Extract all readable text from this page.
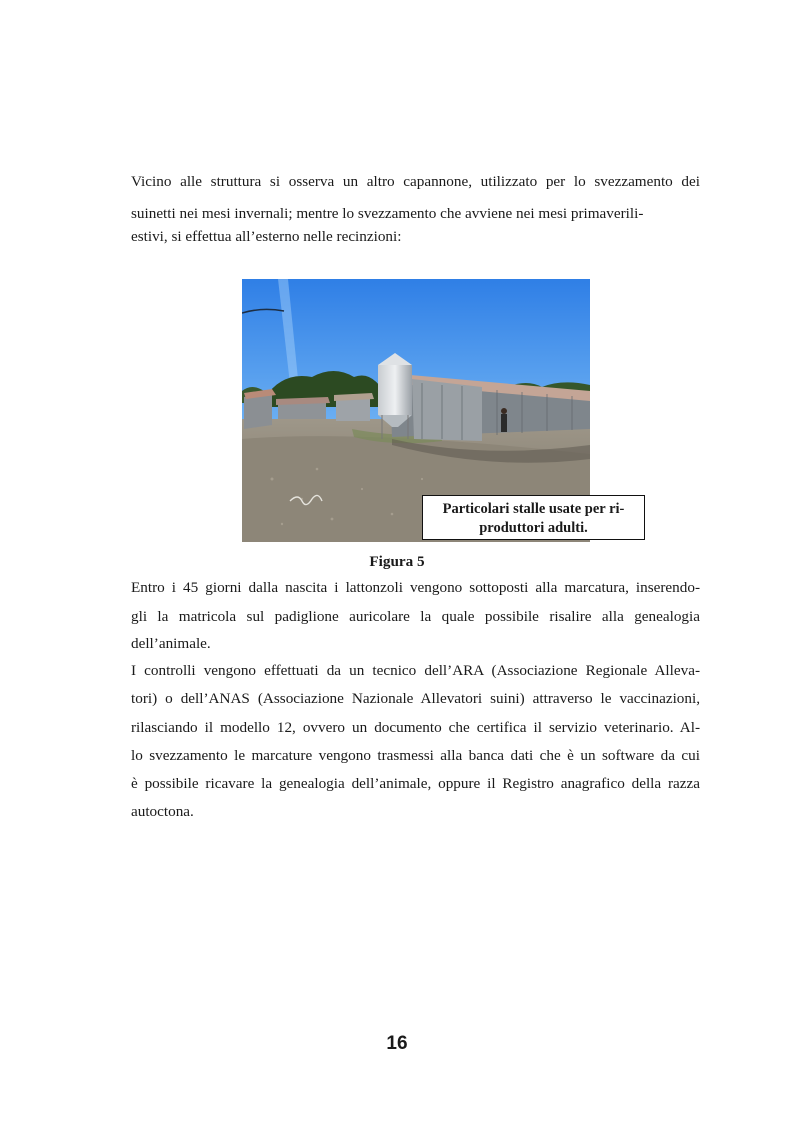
Vicino alle struttura si osserva un altro capannone, utilizzato per lo svezzamento dei
suinetti nei mesi invernali; mentre lo svezzamento che avviene nei mesi primaverili-
estivi, si effettua all’esterno nelle recinzioni:
Particolari stalle usate per ri-
produttori adulti.
Figura 5
Entro i 45 giorni dalla nascita i lattonzoli vengono sottoposti alla marcatura, inserendo-
gli la matricola sul padiglione auricolare la quale possibile risalire alla genealogia
dell’animale.
I controlli vengono effettuati da un tecnico dell’ARA (Associazione Regionale Alleva-
tori) o dell’ANAS (Associazione Nazionale Allevatori suini) attraverso le vaccinazioni,
rilasciando il modello 12, ovvero un documento che certifica il servizio veterinario. Al-
lo svezzamento le marcature vengono trasmessi alla banca dati che è un software da cui
è possibile ricavare la genealogia dell’animale, oppure il Registro anagrafico della razza
autoctona.
16
